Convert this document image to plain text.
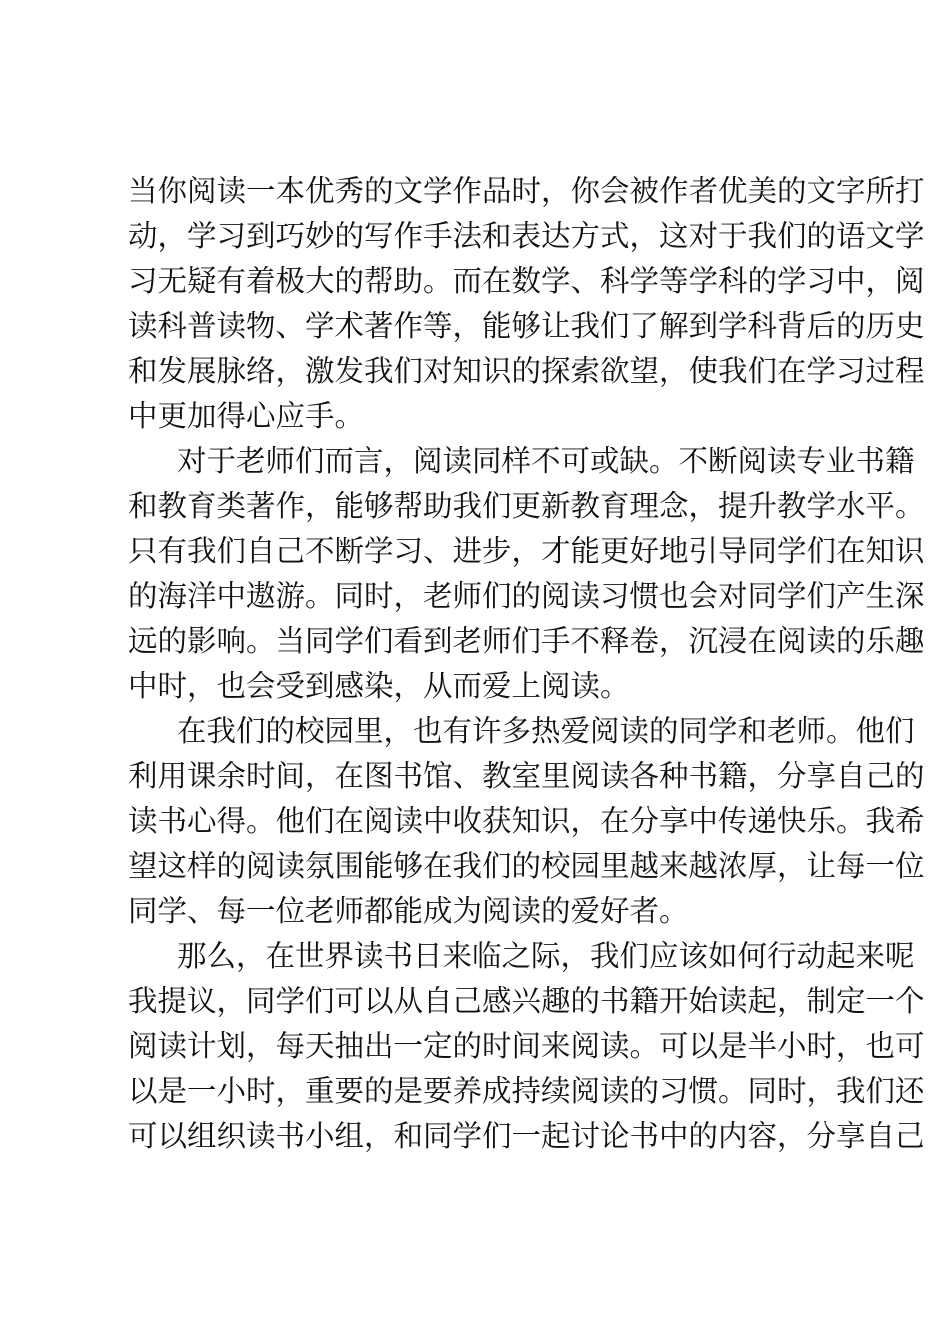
当你阅读一本优秀的文学作品时，你会被作者优美的文字所打
动，学习到巧妙的写作手法和表达方式，这对于我们的语文学
习无疑有着极大的帮助。而在数学、科学等学科的学习中，阅
读科普读物、学术著作等，能够让我们了解到学科背后的历史
和发展脉络，激发我们对知识的探索欲望，使我们在学习过程
中更加得心应手。
对于老师们而言，阅读同样不可或缺。不断阅读专业书籍
和教育类著作，能够帮助我们更新教育理念，提升教学水平。
只有我们自己不断学习、进步，才能更好地引导同学们在知识
的海洋中遨游。同时，老师们的阅读习惯也会对同学们产生深
远的影响。当同学们看到老师们手不释卷，沉浸在阅读的乐趣
中时，也会受到感染，从而爱上阅读。
在我们的校园里，也有许多热爱阅读的同学和老师。他们
利用课余时间，在图书馆、教室里阅读各种书籍，分享自己的
读书心得。他们在阅读中收获知识，在分享中传递快乐。我希
望这样的阅读氛围能够在我们的校园里越来越浓厚，让每一位
同学、每一位老师都能成为阅读的爱好者。
那么，在世界读书日来临之际，我们应该如何行动起来呢
我提议，同学们可以从自己感兴趣的书籍开始读起，制定一个
阅读计划，每天抽出一定的时间来阅读。可以是半小时，也可
以是一小时，重要的是要养成持续阅读的习惯。同时，我们还
可以组织读书小组，和同学们一起讨论书中的内容，分享自己
